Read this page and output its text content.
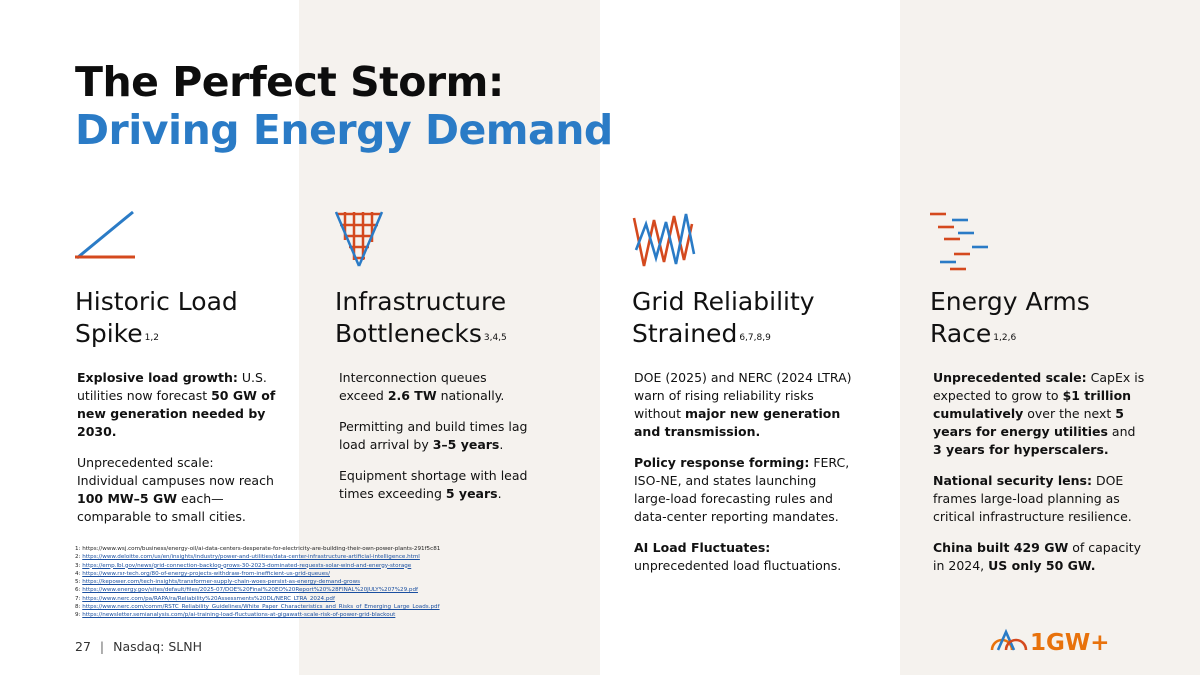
The Perfect Storm:
Driving Energy Demand
Historic Load
Spike $^{1,2}$
Infrastructure
Bottlenecks $^{3,4,5}$
Grid Reliability
Strained $^{6,7,8,9}$
Energy Arms
Race $^{1,2,6}$

Explosive load growth: U.S. utilities now forecast 50 GW of new generation needed by 2030.

Unprecedented scale: Individual campuses now reach 100 MW–5 GW each—comparable to small cities.

Interconnection queues exceed 2.6 TW nationally.

Permitting and build times lag load arrival by 3–5 years.

Equipment shortage with lead times exceeding 5 years.

DOE (2025) and NERC (2024 LTRA) warn of rising reliability risks without major new generation and transmission.

Policy response forming: FERC, ISO-NE, and states launching large-load forecasting rules and data-center reporting mandates.

AI Load Fluctuates: unprecedented load fluctuations.

Unprecedented scale: CapEx is expected to grow to $1 trillion cumulatively over the next 5 years for energy utilities and 3 years for hyperscalers.

National security lens: DOE frames large-load planning as critical infrastructure resilience.

China built 429 GW of capacity in 2024, US only 50 GW.

1: https://www.wsj.com/business/energy-oil/ai-data-centers-desperate-for-electricity-are-building-their-own-power-plants-291f5c81
2: https://www.deloitte.com/us/en/insights/industry/power-and-utilities/data-center-infrastructure-artificial-intelligence.html
3: https://emp.lbl.gov/news/grid-connection-backlog-grows-30-2023-dominated-requests-solar-wind-and-energy-storage
4: https://www.rsr-tech.org/80-of-energy-projects-withdraw-from-inefficient-us-grid-queues/
5: https://kepower.com/tech-insights/transformer-supply-chain-woes-persist-as-energy-demand-grows
6: https://www.energy.gov/sites/default/files/2025-07/DOE%20Final%20EO%20Report%20%28FINAL%20JULY%207%29.pdf
7: https://www.nerc.com/pa/RAPA/ra/Reliability%20Assessments%20DL/NERC_LTRA_2024.pdf
8: https://www.nerc.com/comm/RSTC_Reliability_Guidelines/White_Paper_Characteristics_and_Risks_of_Emerging_Large_Loads.pdf
9: https://newsletter.semianalysis.com/p/ai-training-load-fluctuations-at-gigawatt-scale-risk-of-power-grid-blackout
27 | Nasdaq: SLNH	1GW+
